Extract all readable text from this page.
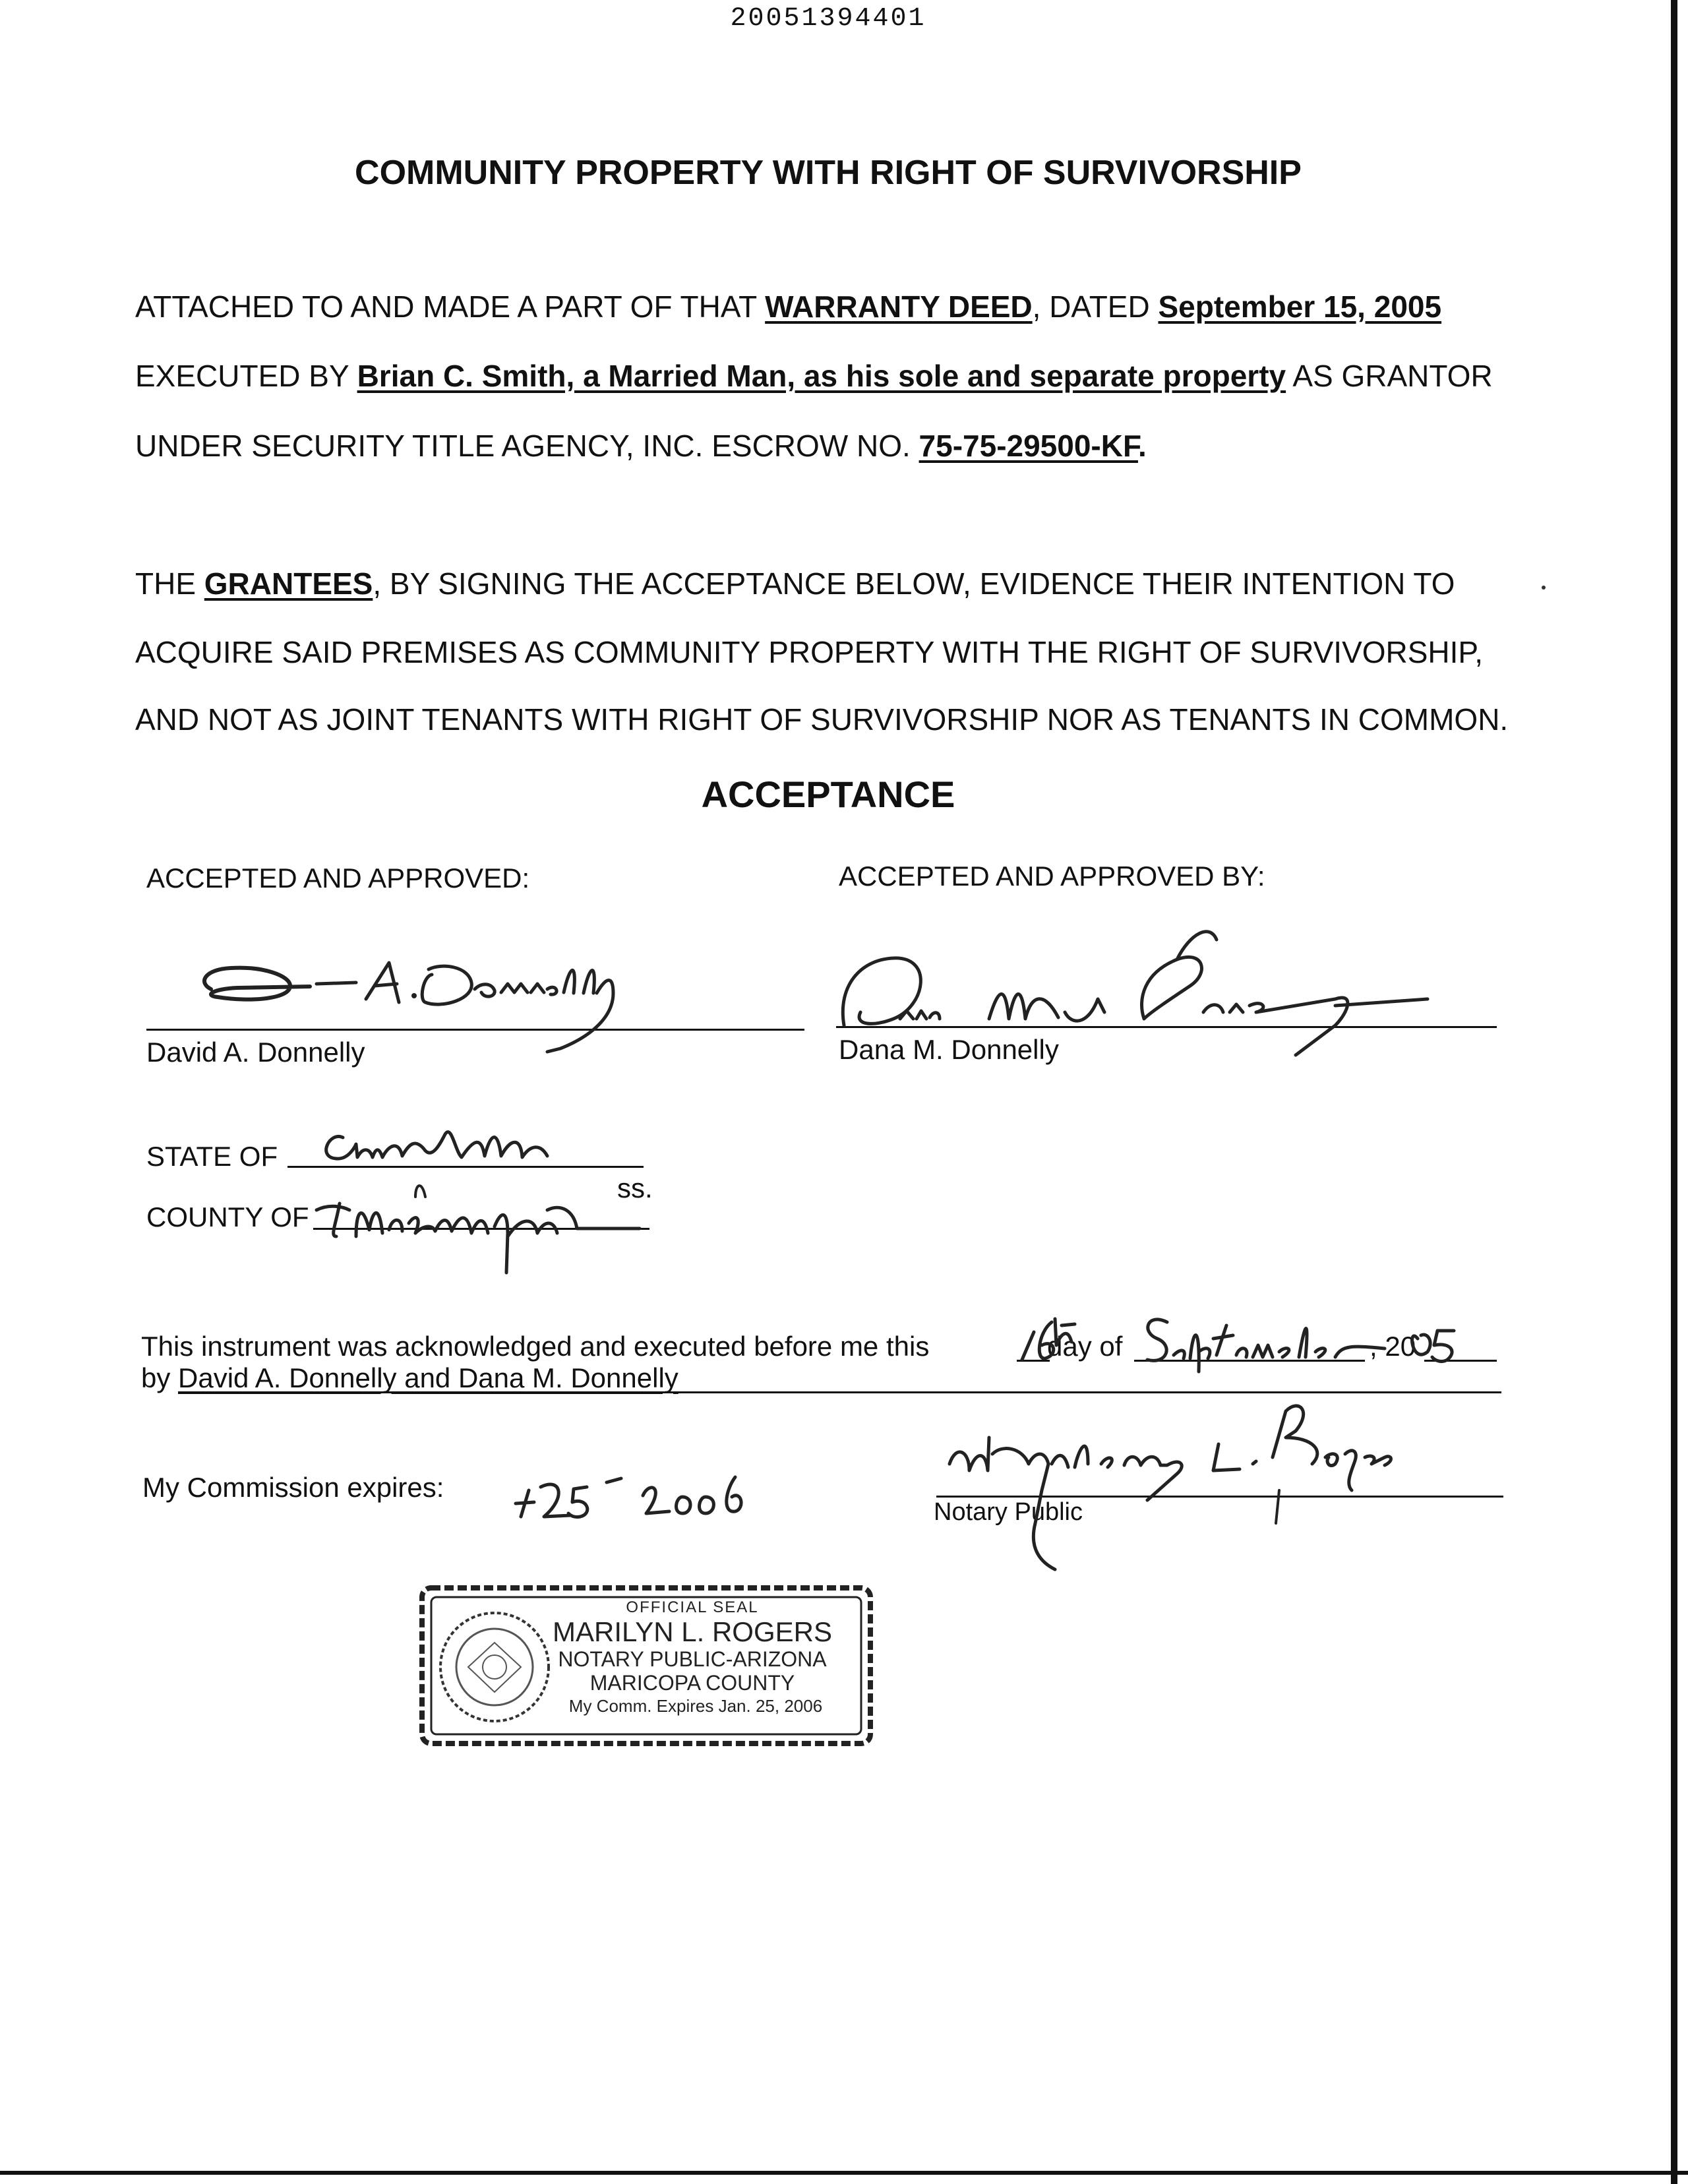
20051394401
COMMUNITY PROPERTY WITH RIGHT OF SURVIVORSHIP
ATTACHED TO AND MADE A PART OF THAT WARRANTY DEED, DATED September 15, 2005
EXECUTED BY Brian C. Smith, a Married Man, as his sole and separate property AS GRANTOR
UNDER SECURITY TITLE AGENCY, INC. ESCROW NO. 75-75-29500-KF.
THE GRANTEES, BY SIGNING THE ACCEPTANCE BELOW, EVIDENCE THEIR INTENTION TO
ACQUIRE SAID PREMISES AS COMMUNITY PROPERTY WITH THE RIGHT OF SURVIVORSHIP,
AND NOT AS JOINT TENANTS WITH RIGHT OF SURVIVORSHIP NOR AS TENANTS IN COMMON.
ACCEPTANCE
ACCEPTED AND APPROVED:	ACCEPTED AND APPROVED BY:
David A. Donnelly	Dana M. Donnelly
STATE OF
COUNTY OF
ss.
This instrument was acknowledged and executed before me this	day of	, 20
by David A. Donnelly and Dana M. Donnelly
My Commission expires:
Notary Public
OFFICIAL SEAL
MARILYN L. ROGERS
NOTARY PUBLIC-ARIZONA
MARICOPA COUNTY
My Comm. Expires Jan. 25, 2006
